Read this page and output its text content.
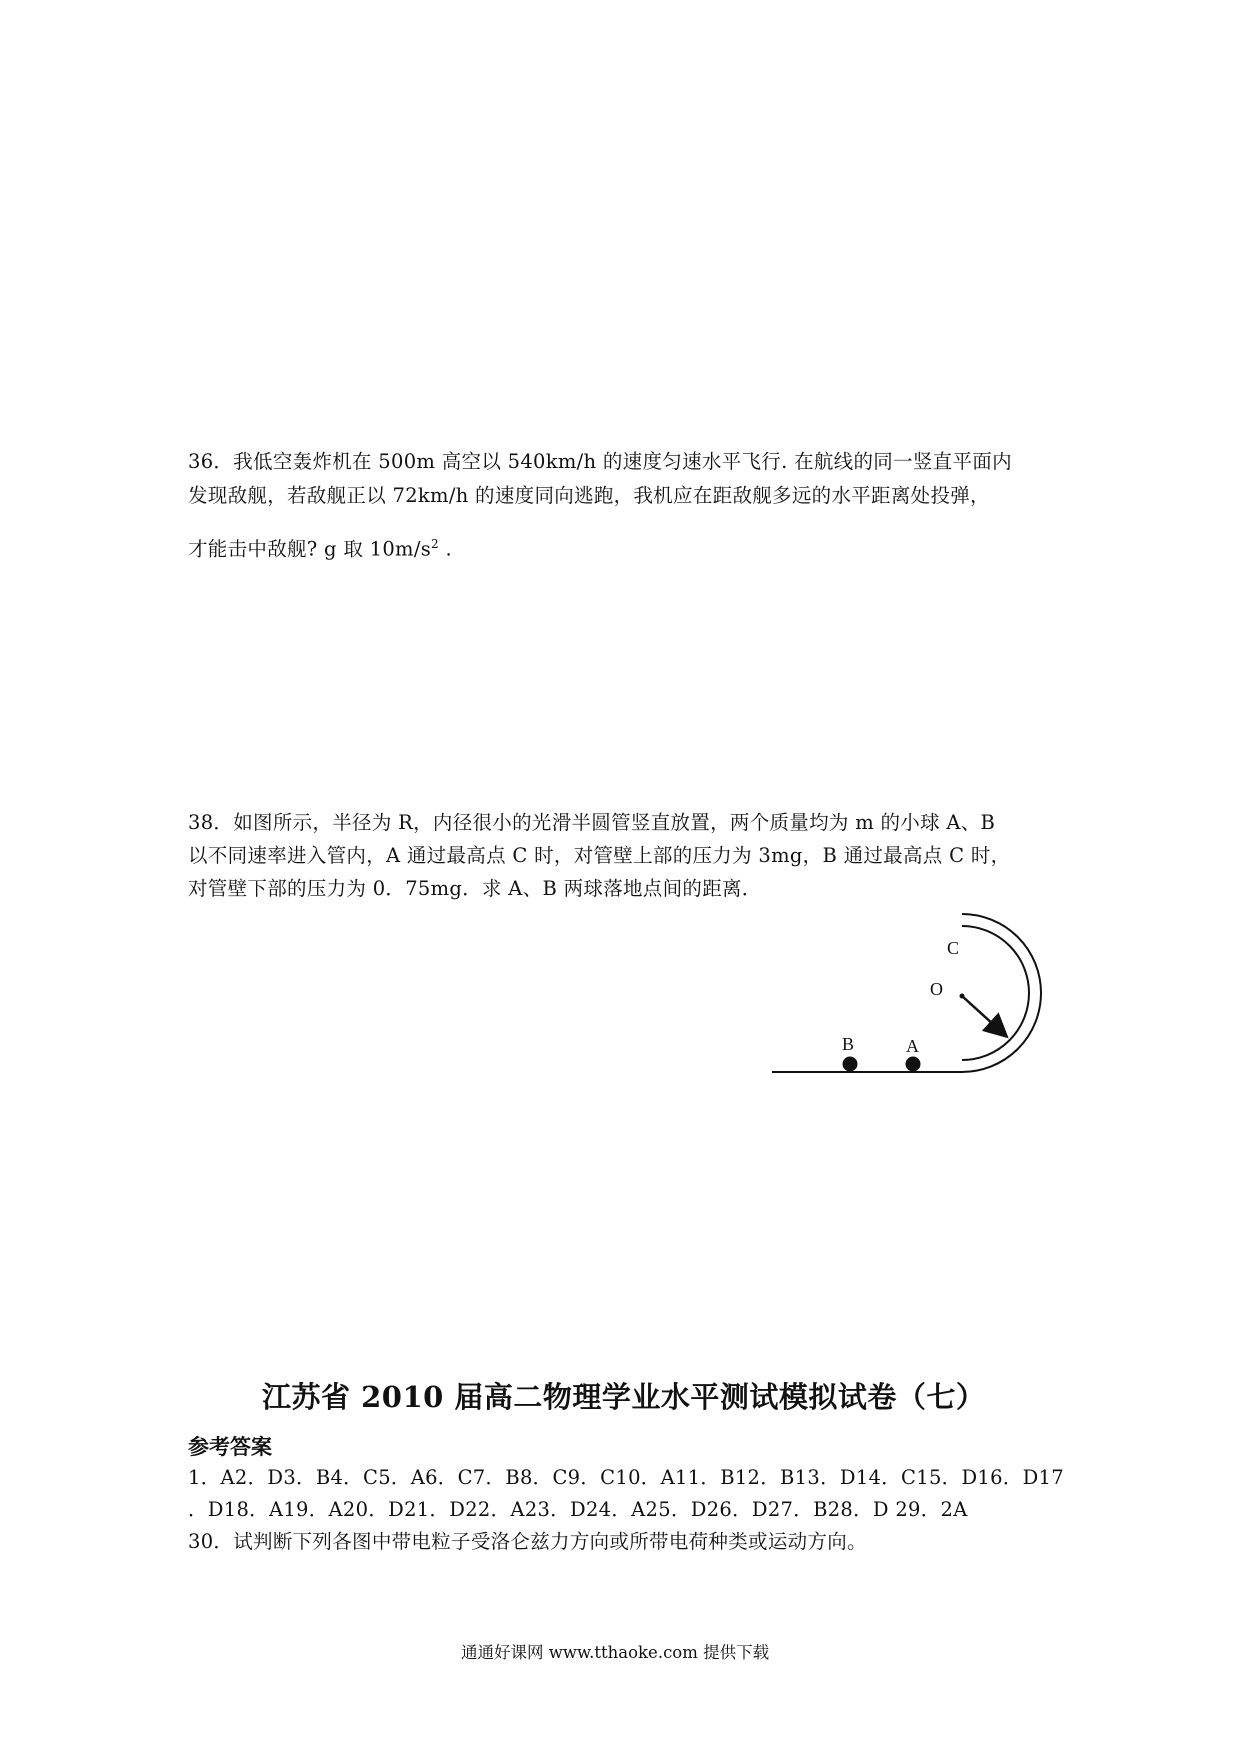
36．我低空轰炸机在 500m 高空以 540km/h 的速度匀速水平飞行. 在航线的同一竖直平面内
发现敌舰，若敌舰正以 72km/h 的速度同向逃跑，我机应在距敌舰多远的水平距离处投弹，
才能击中敌舰? g 取 $10m/s^2$ .
38．如图所示，半径为 R，内径很小的光滑半圆管竖直放置，两个质量均为 m 的小球 A、B
以不同速率进入管内，A 通过最高点 C 时，对管壁上部的压力为 3mg，B 通过最高点 C 时，
对管壁下部的压力为 0．75mg．求 A、B 两球落地点间的距离．
C
O
B	A
江苏省 2010 届高二物理学业水平测试模拟试卷（七）
参考答案
1．A2．D3．B4．C5．A6．C7．B8．C9．C10．A11．B12．B13．D14．C15．D16．D17
．D18．A19．A20．D21．D22．A23．D24．A25．D26．D27．B28．D 29．2A
30．试判断下列各图中带电粒子受洛仑兹力方向或所带电荷种类或运动方向。
通通好课网 www.tthaoke.com 提供下载
